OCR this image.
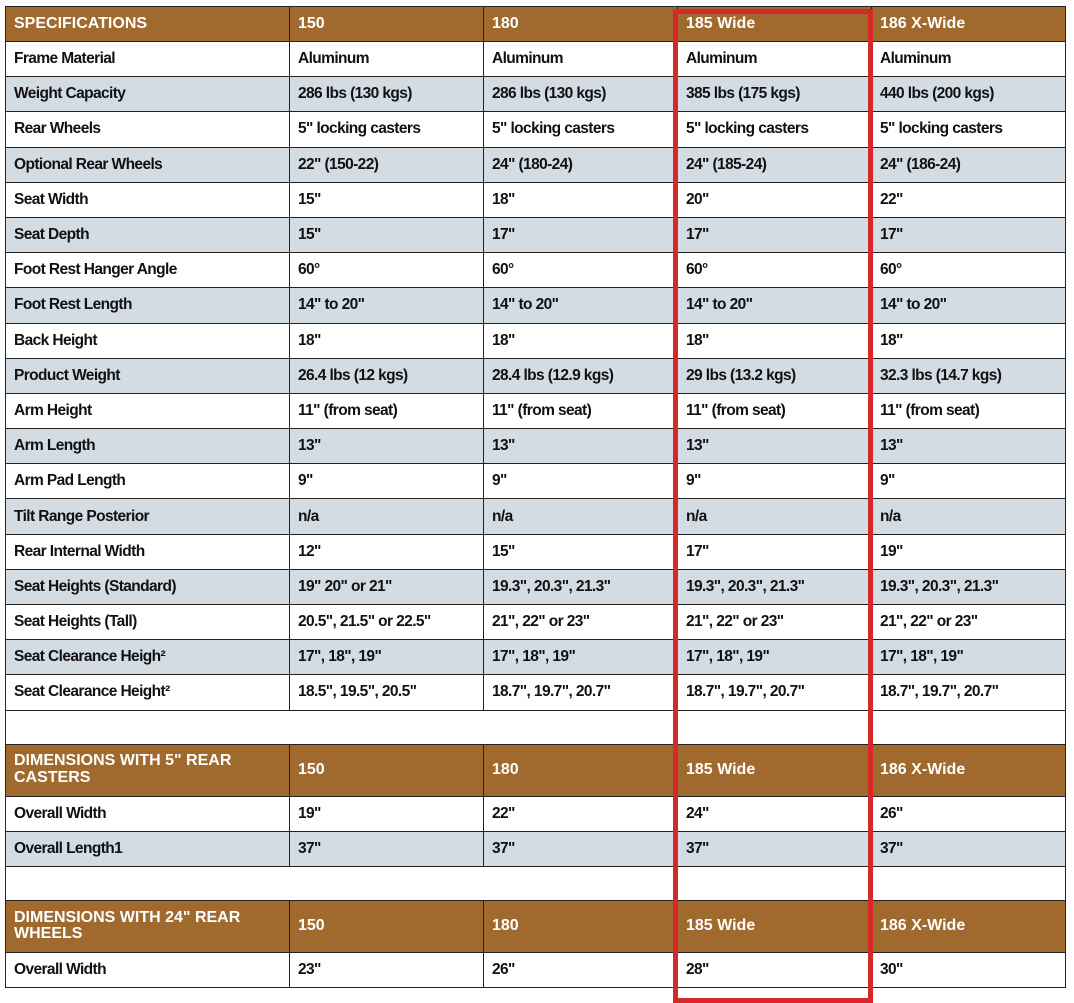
SPECIFICATIONS	150	180	185 Wide	186 X-Wide
Frame Material	Aluminum	Aluminum	Aluminum	Aluminum
Weight Capacity	286 lbs (130 kgs)	286 lbs (130 kgs)	385 lbs (175 kgs)	440 lbs (200 kgs)
Rear Wheels	5" locking casters	5" locking casters	5" locking casters	5" locking casters
Optional Rear Wheels	22" (150-22)	24" (180-24)	24" (185-24)	24" (186-24)
Seat Width	15"	18"	20"	22"
Seat Depth	15"	17"	17"	17"
Foot Rest Hanger Angle	60°	60°	60°	60°
Foot Rest Length	14" to 20"	14" to 20"	14" to 20"	14" to 20"
Back Height	18"	18"	18"	18"
Product Weight	26.4 lbs (12 kgs)	28.4 lbs (12.9 kgs)	29 lbs (13.2 kgs)	32.3 lbs (14.7 kgs)
Arm Height	11" (from seat)	11" (from seat)	11" (from seat)	11" (from seat)
Arm Length	13"	13"	13"	13"
Arm Pad Length	9"	9"	9"	9"
Tilt Range Posterior	n/a	n/a	n/a	n/a
Rear Internal Width	12"	15"	17"	19"
Seat Heights (Standard)	19" 20" or 21"	19.3", 20.3", 21.3"	19.3", 20.3", 21.3"	19.3", 20.3", 21.3"
Seat Heights (Tall)	20.5", 21.5" or 22.5"	21", 22" or 23"	21", 22" or 23"	21", 22" or 23"
Seat Clearance Heigh²	17", 18", 19"	17", 18", 19"	17", 18", 19"	17", 18", 19"
Seat Clearance Height²	18.5", 19.5", 20.5"	18.7", 19.7", 20.7"	18.7", 19.7", 20.7"	18.7", 19.7", 20.7"

DIMENSIONS WITH 5" REAR CASTERS	150	180	185 Wide	186 X-Wide
Overall Width	19"	22"	24"	26"
Overall Length1	37"	37"	37"	37"

DIMENSIONS WITH 24" REAR WHEELS	150	180	185 Wide	186 X-Wide
Overall Width	23"	26"	28"	30"
